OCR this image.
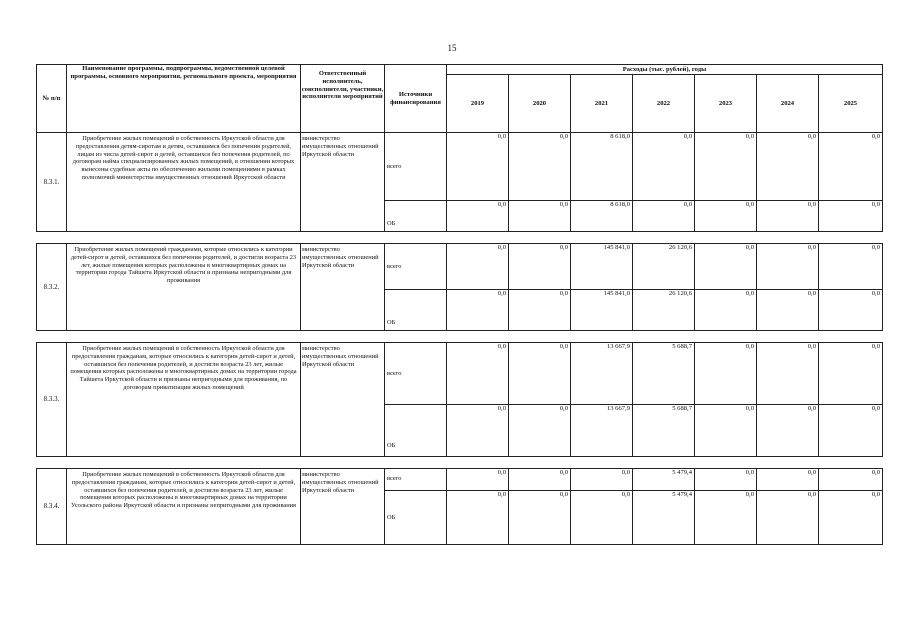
15
№ п/п	Наименование программы, подпрограммы, ведомственной целевой программы, основного мероприятия, регионального проекта, мероприятия	Ответственный исполнитель, соисполнители, участники, исполнители мероприятий	Источники финансирования	Расходы (тыс. рублей), годы						
				2019	2020	2021	2022	2023	2024	2025
8.3.1.	Приобретение жилых помещений в собственность Иркутской области для предоставления детям-сиротам и детям, оставшимся без попечения родителей, лицам из числа детей-сирот и детей, оставшихся без попечения родителей, по договорам найма специализированных жилых помещений, в отношении которых вынесены судебные акты по обеспечению жилыми помещениями в рамках полномочий министерства имущественных отношений Иркутской области	министерство имущественных отношений Иркутской области	всего	0,0	0,0	8 618,0	0,0	0,0	0,0	0,0
			ОБ	0,0	0,0	8 618,0	0,0	0,0	0,0	0,0

8.3.2.	Приобретение жилых помещений гражданами, которые относились к категории детей-сирот и детей, оставшихся без попечения родителей, и достигли возраста 23 лет, жилые помещения которых расположены в многоквартирных домах на территории города Тайшета Иркутской области и признаны непригодными для проживания	министерство имущественных отношений Иркутской области	всего	0,0	0,0	145 841,0	26 120,6	0,0	0,0	0,0
			ОБ	0,0	0,0	145 841,0	26 120,6	0,0	0,0	0,0

8.3.3.	Приобретение жилых помещений в собственность Иркутской области для предоставления гражданам, которые относились к категории детей-сирот и детей, оставшихся без попечения родителей, и достигли возраста 23 лет, жилые помещения которых расположены в многоквартирных домах на территории города Тайшета Иркутской области и признаны непригодными для проживания, по договорам приватизации жилых помещений	министерство имущественных отношений Иркутской области	всего	0,0	0,0	13 667,9	5 688,7	0,0	0,0	0,0
			ОБ	0,0	0,0	13 667,9	5 688,7	0,0	0,0	0,0

8.3.4.	Приобретение жилых помещений в собственность Иркутской области для предоставления гражданам, которые относились к категории детей-сирот и детей, оставшихся без попечения родителей, и достигли возраста 23 лет, жилые помещения которых расположены в многоквартирных домах на территории Усольского района Иркутской области и признаны непригодными для проживания	министерство имущественных отношений Иркутской области	всего	0,0	0,0	0,0	5 479,4	0,0	0,0	0,0
			ОБ	0,0	0,0	0,0	5 479,4	0,0	0,0	0,0
